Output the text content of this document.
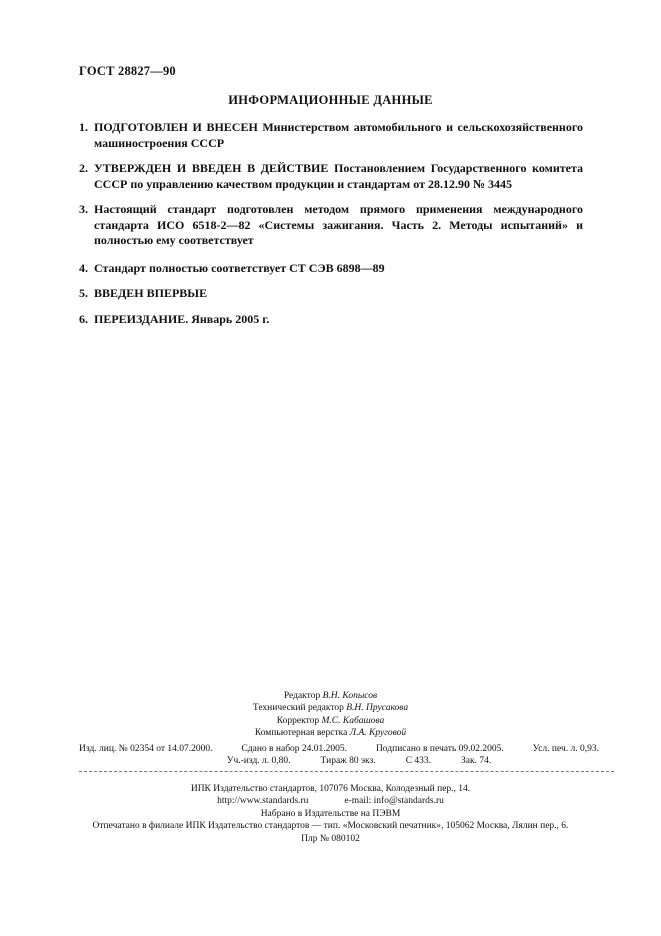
ГОСТ 28827—90
ИНФОРМАЦИОННЫЕ ДАННЫЕ
1. ПОДГОТОВЛЕН И ВНЕСЕН Министерством автомобильного и сельскохозяйственного машиностроения СССР
2. УТВЕРЖДЕН И ВВЕДЕН В ДЕЙСТВИЕ Постановлением Государственного комитета СССР по управлению качеством продукции и стандартам от 28.12.90 № 3445
3. Настоящий стандарт подготовлен методом прямого применения международного стандарта ИСО 6518-2—82 «Системы зажигания. Часть 2. Методы испытаний» и полностью ему соответствует
4. Стандарт полностью соответствует СТ СЭВ 6898—89
5. ВВЕДЕН ВПЕРВЫЕ
6. ПЕРЕИЗДАНИЕ. Январь 2005 г.
Редактор В.Н. Копысов
Технический редактор В.Н. Прусакова
Корректор М.С. Кабашова
Компьютерная верстка Л.А. Круговой
Изд. лиц. № 02354 от 14.07.2000.	Сдано в набор 24.01.2005.	Подписано в печать 09.02.2005.	Усл. печ. л. 0,93.
Уч.-изд. л. 0,80.	Тираж 80 экз.	С 433.	Зак. 74.
ИПК Издательство стандартов, 107076 Москва, Колодезный пер., 14.
http://www.standards.ru	e-mail: info@standards.ru
Набрано в Издательстве на ПЭВМ
Отпечатано в филиале ИПК Издательство стандартов — тип. «Московский печатник», 105062 Москва, Лялин пер., 6.
Плр № 080102
